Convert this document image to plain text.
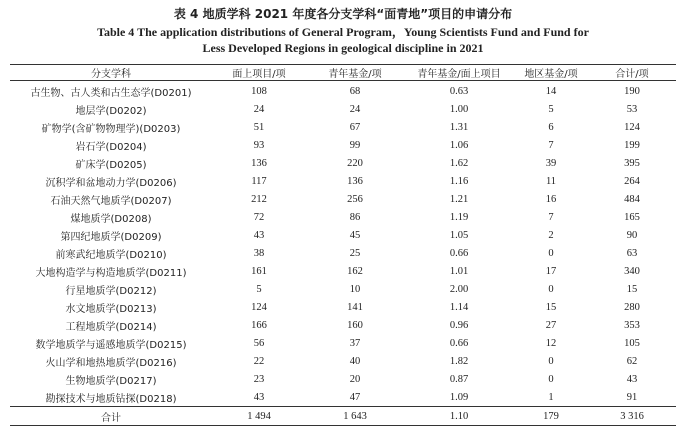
表 4 地质学科 2021 年度各分支学科“面青地”项目的申请分布
Table 4 The application distributions of General Program，Young Scientists Fund and Fund for
Less Developed Regions in geological discipline in 2021
分支学科	面上项目/项	青年基金/项	青年基金/面上项目	地区基金/项	合计/项
古生物、古人类和古生态学(D0201)	108	68	0.63	14	190
地层学(D0202)	24	24	1.00	5	53
矿物学(含矿物物理学)(D0203)	51	67	1.31	6	124
岩石学(D0204)	93	99	1.06	7	199
矿床学(D0205)	136	220	1.62	39	395
沉积学和盆地动力学(D0206)	117	136	1.16	11	264
石油天然气地质学(D0207)	212	256	1.21	16	484
煤地质学(D0208)	72	86	1.19	7	165
第四纪地质学(D0209)	43	45	1.05	2	90
前寒武纪地质学(D0210)	38	25	0.66	0	63
大地构造学与构造地质学(D0211)	161	162	1.01	17	340
行星地质学(D0212)	5	10	2.00	0	15
水文地质学(D0213)	124	141	1.14	15	280
工程地质学(D0214)	166	160	0.96	27	353
数学地质学与遥感地质学(D0215)	56	37	0.66	12	105
火山学和地热地质学(D0216)	22	40	1.82	0	62
生物地质学(D0217)	23	20	0.87	0	43
勘探技术与地质钻探(D0218)	43	47	1.09	1	91
合计	1 494	1 643	1.10	179	3 316
